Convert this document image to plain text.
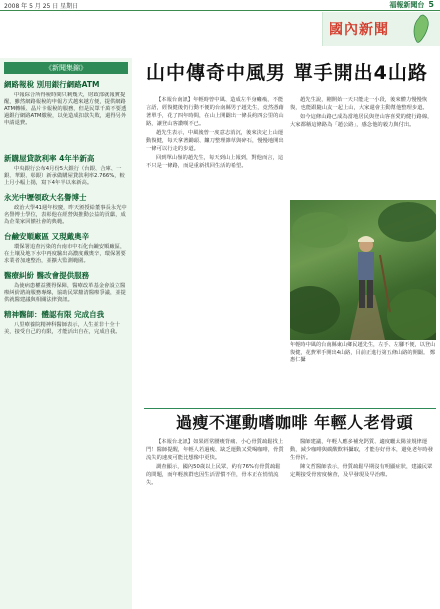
2008 年 5 月 25 日 星期日	福報新聞台 5
國內新聞
《新聞集錦》
網路報稅 別用銀行網路ATM

中報綜合所得稅時間只剩幾天，財政部就報實提醒，雖然網路報稅的申報方式越來越方便，提供網路ATM轉帳、晶片卡報稅的服務，但是民眾千萬不要透過銀行網路ATM繳稅，以免造成扣款失敗，還得另外申請退費。

新購屋貸款利率 4年半新高

中央銀行公布4月份5大銀行（台銀、合庫、一銀、華銀、彰銀）新承做購屋貸款利率2.766%，較上月小幅上揚，寫下4年半以來新高。

永光中壢領政大名譽博士

政治大學41週年校慶，昨天頒授給董事長永光中名譽博士學位，表彰他在經營與推動公益的貢獻，成為企業家回饋社會的典範。

台鹼安順廠區 又現戴奧辛

環保署追查污染的台南市中石化台鹼安順廠區，在土壤及地下水中再度驗出高濃度戴奧辛，環保署要求業者加速整治，並擴大監測範圍。

醫療糾紛 醫改會提供服務

為使病患權益獲得保障，醫療改革基金會設立醫療糾紛諮詢服務專線，協助民眾釐清醫療爭議，並提供就醫建議與相關法律資訊。

精神醫師：體認有限 完成自我

八里療養院精神科醫師表示，人生並非十全十美，接受自己的有限，才能活出自在，完成自我。

山中傳奇中風男 單手開出4山路

【本報台南訊】年輕時曾中風、造成左半身癱瘓，不能言語，經復健後仍行動不便的台南縣男子趙先生，竟然憑藉著單手，花了四年時間，在山上開闢出一條長約四公里的山路，讓登山客讚嘆不已。

趙先生表示，中風後曾一度意志消沉，後來決定上山運動復健，每天拿著鋤頭、鐮刀整理雜草與碎石，慢慢地開出一條可以行走的步道。

回到單山嶺的趙先生，每天到山上報到，對他而言，這不只是一條路，而是重新找回生活的希望。

趙先生說，剛開始一天只能走一小段，後來體力慢慢恢復，也能跟隨山友一起上山，大家還會主動幫他整理步道。

如今這條山路已成為當地居民與登山客喜愛的健行路線，大家都稱這條路為「趙公路」，感念他的毅力與付出。

年輕時中風的台南縣東山鄉民趙先生，左手、左腳不便，以登山復健，花費單手開出4山路，目前正進行第五條山路的開闢。 鄭惠仁攝
過瘦不運動嗜咖啡 年輕人老骨頭

【本報台北訊】如果經常腰痠背痛、小心骨質疏鬆找上門！醫師提醒，年輕人若過瘦、缺乏運動又愛喝咖啡，骨質流失的速度可能比想像中更快。

調查顯示，國內50歲以上民眾，約有76%有骨質疏鬆的問題，而年輕族群也因生活習慣不佳，骨本正在悄悄流失。

醫師建議，年輕人應多補充鈣質、適度曬太陽並規律運動，減少咖啡與碳酸飲料攝取，才能存好骨本，避免老年時發生骨折。

陳文哲醫師表示，骨質疏鬆早期沒有明顯症狀，建議民眾定期接受骨密度檢查，及早發現及早治療。
